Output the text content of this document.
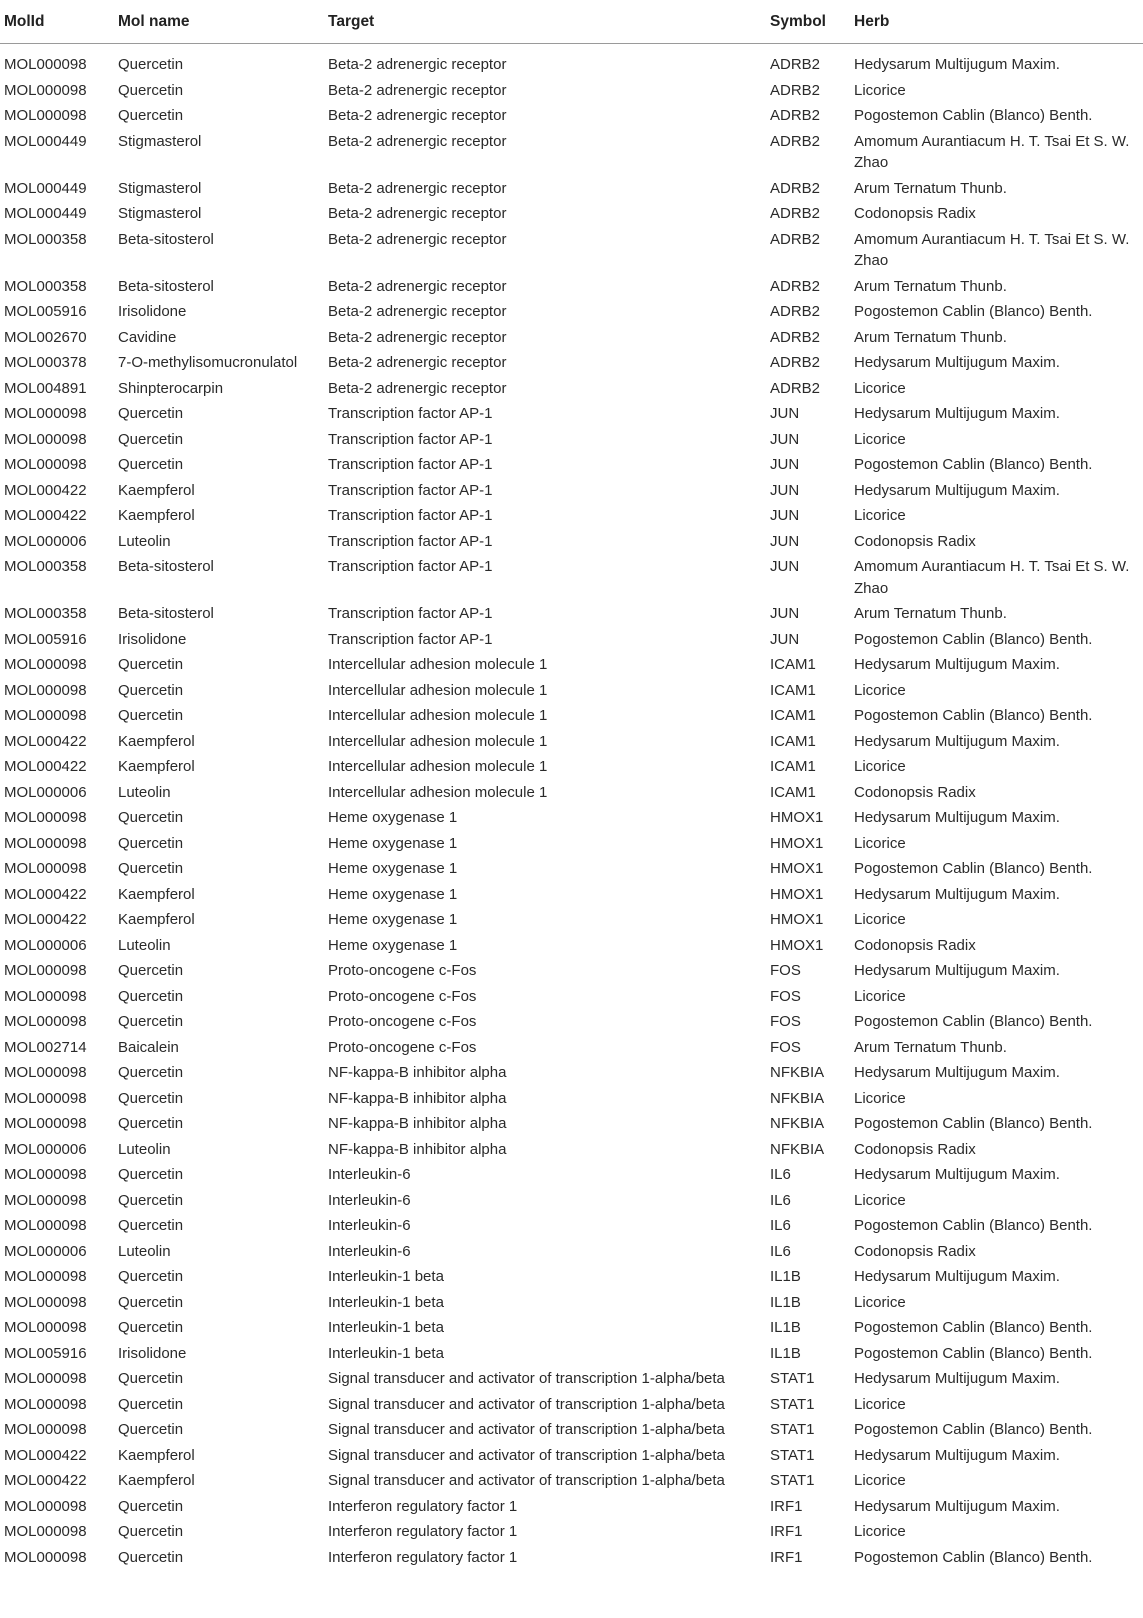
MolId	Mol name	Target	Symbol	Herb
MOL000098	Quercetin	Beta-2 adrenergic receptor	ADRB2	Hedysarum Multijugum Maxim.
MOL000098	Quercetin	Beta-2 adrenergic receptor	ADRB2	Licorice
MOL000098	Quercetin	Beta-2 adrenergic receptor	ADRB2	Pogostemon Cablin (Blanco) Benth.
MOL000449	Stigmasterol	Beta-2 adrenergic receptor	ADRB2	Amomum Aurantiacum H. T. Tsai Et S. W. Zhao
MOL000449	Stigmasterol	Beta-2 adrenergic receptor	ADRB2	Arum Ternatum Thunb.
MOL000449	Stigmasterol	Beta-2 adrenergic receptor	ADRB2	Codonopsis Radix
MOL000358	Beta-sitosterol	Beta-2 adrenergic receptor	ADRB2	Amomum Aurantiacum H. T. Tsai Et S. W. Zhao
MOL000358	Beta-sitosterol	Beta-2 adrenergic receptor	ADRB2	Arum Ternatum Thunb.
MOL005916	Irisolidone	Beta-2 adrenergic receptor	ADRB2	Pogostemon Cablin (Blanco) Benth.
MOL002670	Cavidine	Beta-2 adrenergic receptor	ADRB2	Arum Ternatum Thunb.
MOL000378	7-O-methylisomucronulatol	Beta-2 adrenergic receptor	ADRB2	Hedysarum Multijugum Maxim.
MOL004891	Shinpterocarpin	Beta-2 adrenergic receptor	ADRB2	Licorice
MOL000098	Quercetin	Transcription factor AP-1	JUN	Hedysarum Multijugum Maxim.
MOL000098	Quercetin	Transcription factor AP-1	JUN	Licorice
MOL000098	Quercetin	Transcription factor AP-1	JUN	Pogostemon Cablin (Blanco) Benth.
MOL000422	Kaempferol	Transcription factor AP-1	JUN	Hedysarum Multijugum Maxim.
MOL000422	Kaempferol	Transcription factor AP-1	JUN	Licorice
MOL000006	Luteolin	Transcription factor AP-1	JUN	Codonopsis Radix
MOL000358	Beta-sitosterol	Transcription factor AP-1	JUN	Amomum Aurantiacum H. T. Tsai Et S. W. Zhao
MOL000358	Beta-sitosterol	Transcription factor AP-1	JUN	Arum Ternatum Thunb.
MOL005916	Irisolidone	Transcription factor AP-1	JUN	Pogostemon Cablin (Blanco) Benth.
MOL000098	Quercetin	Intercellular adhesion molecule 1	ICAM1	Hedysarum Multijugum Maxim.
MOL000098	Quercetin	Intercellular adhesion molecule 1	ICAM1	Licorice
MOL000098	Quercetin	Intercellular adhesion molecule 1	ICAM1	Pogostemon Cablin (Blanco) Benth.
MOL000422	Kaempferol	Intercellular adhesion molecule 1	ICAM1	Hedysarum Multijugum Maxim.
MOL000422	Kaempferol	Intercellular adhesion molecule 1	ICAM1	Licorice
MOL000006	Luteolin	Intercellular adhesion molecule 1	ICAM1	Codonopsis Radix
MOL000098	Quercetin	Heme oxygenase 1	HMOX1	Hedysarum Multijugum Maxim.
MOL000098	Quercetin	Heme oxygenase 1	HMOX1	Licorice
MOL000098	Quercetin	Heme oxygenase 1	HMOX1	Pogostemon Cablin (Blanco) Benth.
MOL000422	Kaempferol	Heme oxygenase 1	HMOX1	Hedysarum Multijugum Maxim.
MOL000422	Kaempferol	Heme oxygenase 1	HMOX1	Licorice
MOL000006	Luteolin	Heme oxygenase 1	HMOX1	Codonopsis Radix
MOL000098	Quercetin	Proto-oncogene c-Fos	FOS	Hedysarum Multijugum Maxim.
MOL000098	Quercetin	Proto-oncogene c-Fos	FOS	Licorice
MOL000098	Quercetin	Proto-oncogene c-Fos	FOS	Pogostemon Cablin (Blanco) Benth.
MOL002714	Baicalein	Proto-oncogene c-Fos	FOS	Arum Ternatum Thunb.
MOL000098	Quercetin	NF-kappa-B inhibitor alpha	NFKBIA	Hedysarum Multijugum Maxim.
MOL000098	Quercetin	NF-kappa-B inhibitor alpha	NFKBIA	Licorice
MOL000098	Quercetin	NF-kappa-B inhibitor alpha	NFKBIA	Pogostemon Cablin (Blanco) Benth.
MOL000006	Luteolin	NF-kappa-B inhibitor alpha	NFKBIA	Codonopsis Radix
MOL000098	Quercetin	Interleukin-6	IL6	Hedysarum Multijugum Maxim.
MOL000098	Quercetin	Interleukin-6	IL6	Licorice
MOL000098	Quercetin	Interleukin-6	IL6	Pogostemon Cablin (Blanco) Benth.
MOL000006	Luteolin	Interleukin-6	IL6	Codonopsis Radix
MOL000098	Quercetin	Interleukin-1 beta	IL1B	Hedysarum Multijugum Maxim.
MOL000098	Quercetin	Interleukin-1 beta	IL1B	Licorice
MOL000098	Quercetin	Interleukin-1 beta	IL1B	Pogostemon Cablin (Blanco) Benth.
MOL005916	Irisolidone	Interleukin-1 beta	IL1B	Pogostemon Cablin (Blanco) Benth.
MOL000098	Quercetin	Signal transducer and activator of transcription 1-alpha/beta	STAT1	Hedysarum Multijugum Maxim.
MOL000098	Quercetin	Signal transducer and activator of transcription 1-alpha/beta	STAT1	Licorice
MOL000098	Quercetin	Signal transducer and activator of transcription 1-alpha/beta	STAT1	Pogostemon Cablin (Blanco) Benth.
MOL000422	Kaempferol	Signal transducer and activator of transcription 1-alpha/beta	STAT1	Hedysarum Multijugum Maxim.
MOL000422	Kaempferol	Signal transducer and activator of transcription 1-alpha/beta	STAT1	Licorice
MOL000098	Quercetin	Interferon regulatory factor 1	IRF1	Hedysarum Multijugum Maxim.
MOL000098	Quercetin	Interferon regulatory factor 1	IRF1	Licorice
MOL000098	Quercetin	Interferon regulatory factor 1	IRF1	Pogostemon Cablin (Blanco) Benth.
